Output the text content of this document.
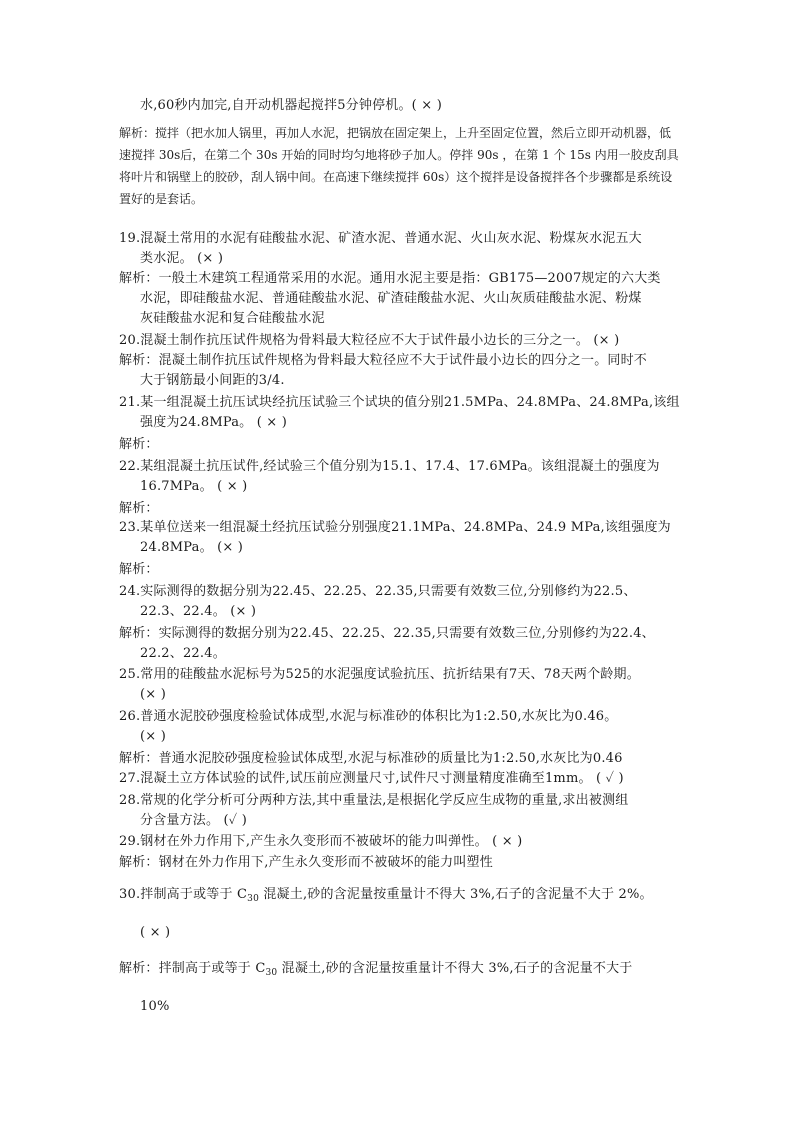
水,60秒内加完,自开动机器起搅拌5分钟停机。( × )
解析：搅拌（把水加人锅里，再加人水泥，把锅放在固定架上，上升至固定位置，然后立即开动机器，低
速搅拌 30s后，在第二个 30s 开始的同时均匀地将砂子加人。停拌 90s ，在第 1 个 15s 内用一胶皮刮具
将叶片和锅壁上的胶砂，刮人锅中间。在高速下继续搅拌 60s）这个搅拌是设备搅拌各个步骤都是系统设
置好的是套话。
19.混凝土常用的水泥有硅酸盐水泥、矿渣水泥、普通水泥、火山灰水泥、粉煤灰水泥五大
类水泥。 (× )
解析：一般土木建筑工程通常采用的水泥。通用水泥主要是指：GB175—2007规定的六大类
水泥，即硅酸盐水泥、普通硅酸盐水泥、矿渣硅酸盐水泥、火山灰质硅酸盐水泥、粉煤
灰硅酸盐水泥和复合硅酸盐水泥
20.混凝土制作抗压试件规格为骨料最大粒径应不大于试件最小边长的三分之一。 (× )
解析：混凝土制作抗压试件规格为骨料最大粒径应不大于试件最小边长的四分之一。同时不
大于钢筋最小间距的3/4.
21.某一组混凝土抗压试块经抗压试验三个试块的值分别21.5MPa、24.8MPa、24.8MPa,该组
强度为24.8MPa。 ( × )
解析：
22.某组混凝土抗压试件,经试验三个值分别为15.1、17.4、17.6MPa。该组混凝土的强度为
16.7MPa。 ( × )
解析：
23.某单位送来一组混凝土经抗压试验分别强度21.1MPa、24.8MPa、24.9 MPa,该组强度为
24.8MPa。 (× )
解析：
24.实际测得的数据分别为22.45、22.25、22.35,只需要有效数三位,分别修约为22.5、
22.3、22.4。 (× )
解析：实际测得的数据分别为22.45、22.25、22.35,只需要有效数三位,分别修约为22.4、
22.2、22.4。
25.常用的硅酸盐水泥标号为525的水泥强度试验抗压、抗折结果有7天、78天两个龄期。
(× )
26.普通水泥胶砂强度检验试体成型,水泥与标准砂的体积比为1:2.50,水灰比为0.46。
(× )
解析：普通水泥胶砂强度检验试体成型,水泥与标准砂的质量比为1:2.50,水灰比为0.46
27.混凝土立方体试验的试件,试压前应测量尺寸,试件尺寸测量精度准确至1mm。 ( ✓ )
28.常规的化学分析可分两种方法,其中重量法,是根据化学反应生成物的重量,求出被测组
分含量方法。 (✓ )
29.钢材在外力作用下,产生永久变形而不被破坏的能力叫弹性。 ( × )
解析：钢材在外力作用下,产生永久变形而不被破坏的能力叫塑性
30.拌制高于或等于 $C_{30}$ 混凝土,砂的含泥量按重量计不得大 3%,石子的含泥量不大于 2%。
( × )
解析：拌制高于或等于 $C_{30}$ 混凝土,砂的含泥量按重量计不得大 3%,石子的含泥量不大于
10%
